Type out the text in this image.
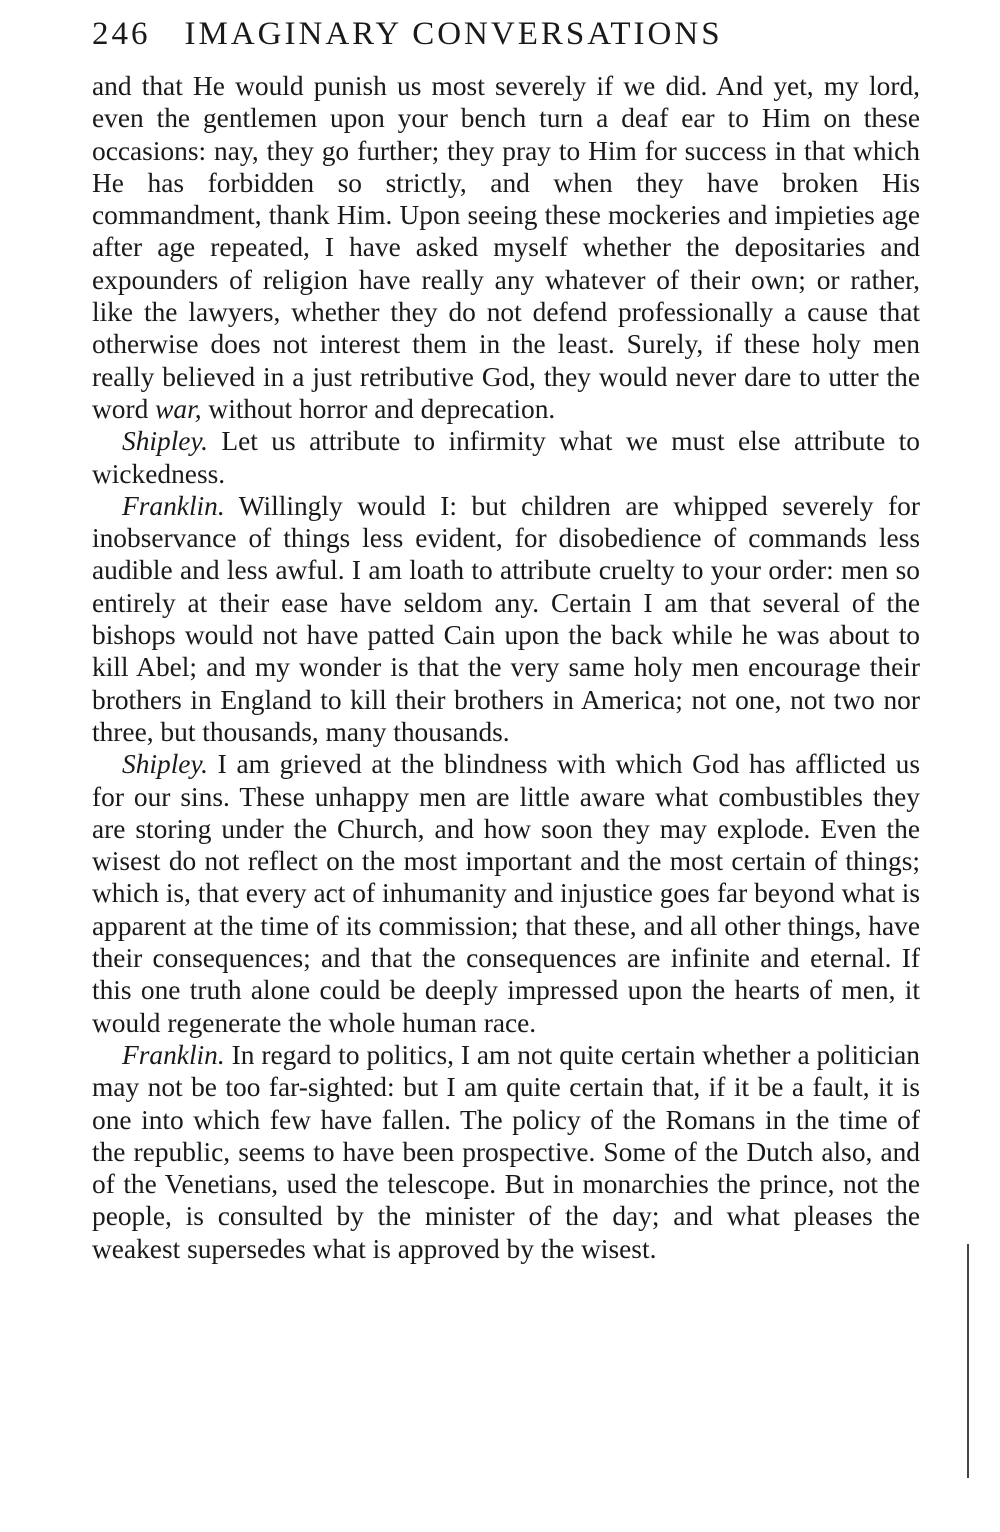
246 IMAGINARY CONVERSATIONS

and that He would punish us most severely if we did. And yet, my lord, even the gentlemen upon your bench turn a deaf ear to Him on these occasions: nay, they go further; they pray to Him for success in that which He has forbidden so strictly, and when they have broken His commandment, thank Him. Upon seeing these mockeries and impieties age after age repeated, I have asked myself whether the depositaries and expounders of religion have really any whatever of their own; or rather, like the lawyers, whether they do not defend professionally a cause that otherwise does not interest them in the least. Surely, if these holy men really believed in a just retributive God, they would never dare to utter the word war, without horror and deprecation.

Shipley. Let us attribute to infirmity what we must else attribute to wickedness.

Franklin. Willingly would I: but children are whipped severely for inobservance of things less evident, for disobedience of commands less audible and less awful. I am loath to attribute cruelty to your order: men so entirely at their ease have seldom any. Certain I am that several of the bishops would not have patted Cain upon the back while he was about to kill Abel; and my wonder is that the very same holy men encourage their brothers in England to kill their brothers in America; not one, not two nor three, but thousands, many thousands.

Shipley. I am grieved at the blindness with which God has afflicted us for our sins. These unhappy men are little aware what combustibles they are storing under the Church, and how soon they may explode. Even the wisest do not reflect on the most important and the most certain of things; which is, that every act of inhumanity and injustice goes far beyond what is apparent at the time of its commission; that these, and all other things, have their consequences; and that the consequences are infinite and eternal. If this one truth alone could be deeply impressed upon the hearts of men, it would regenerate the whole human race.

Franklin. In regard to politics, I am not quite certain whether a politician may not be too far-sighted: but I am quite certain that, if it be a fault, it is one into which few have fallen. The policy of the Romans in the time of the republic, seems to have been prospective. Some of the Dutch also, and of the Venetians, used the telescope. But in monarchies the prince, not the people, is consulted by the minister of the day; and what pleases the weakest supersedes what is approved by the wisest.
